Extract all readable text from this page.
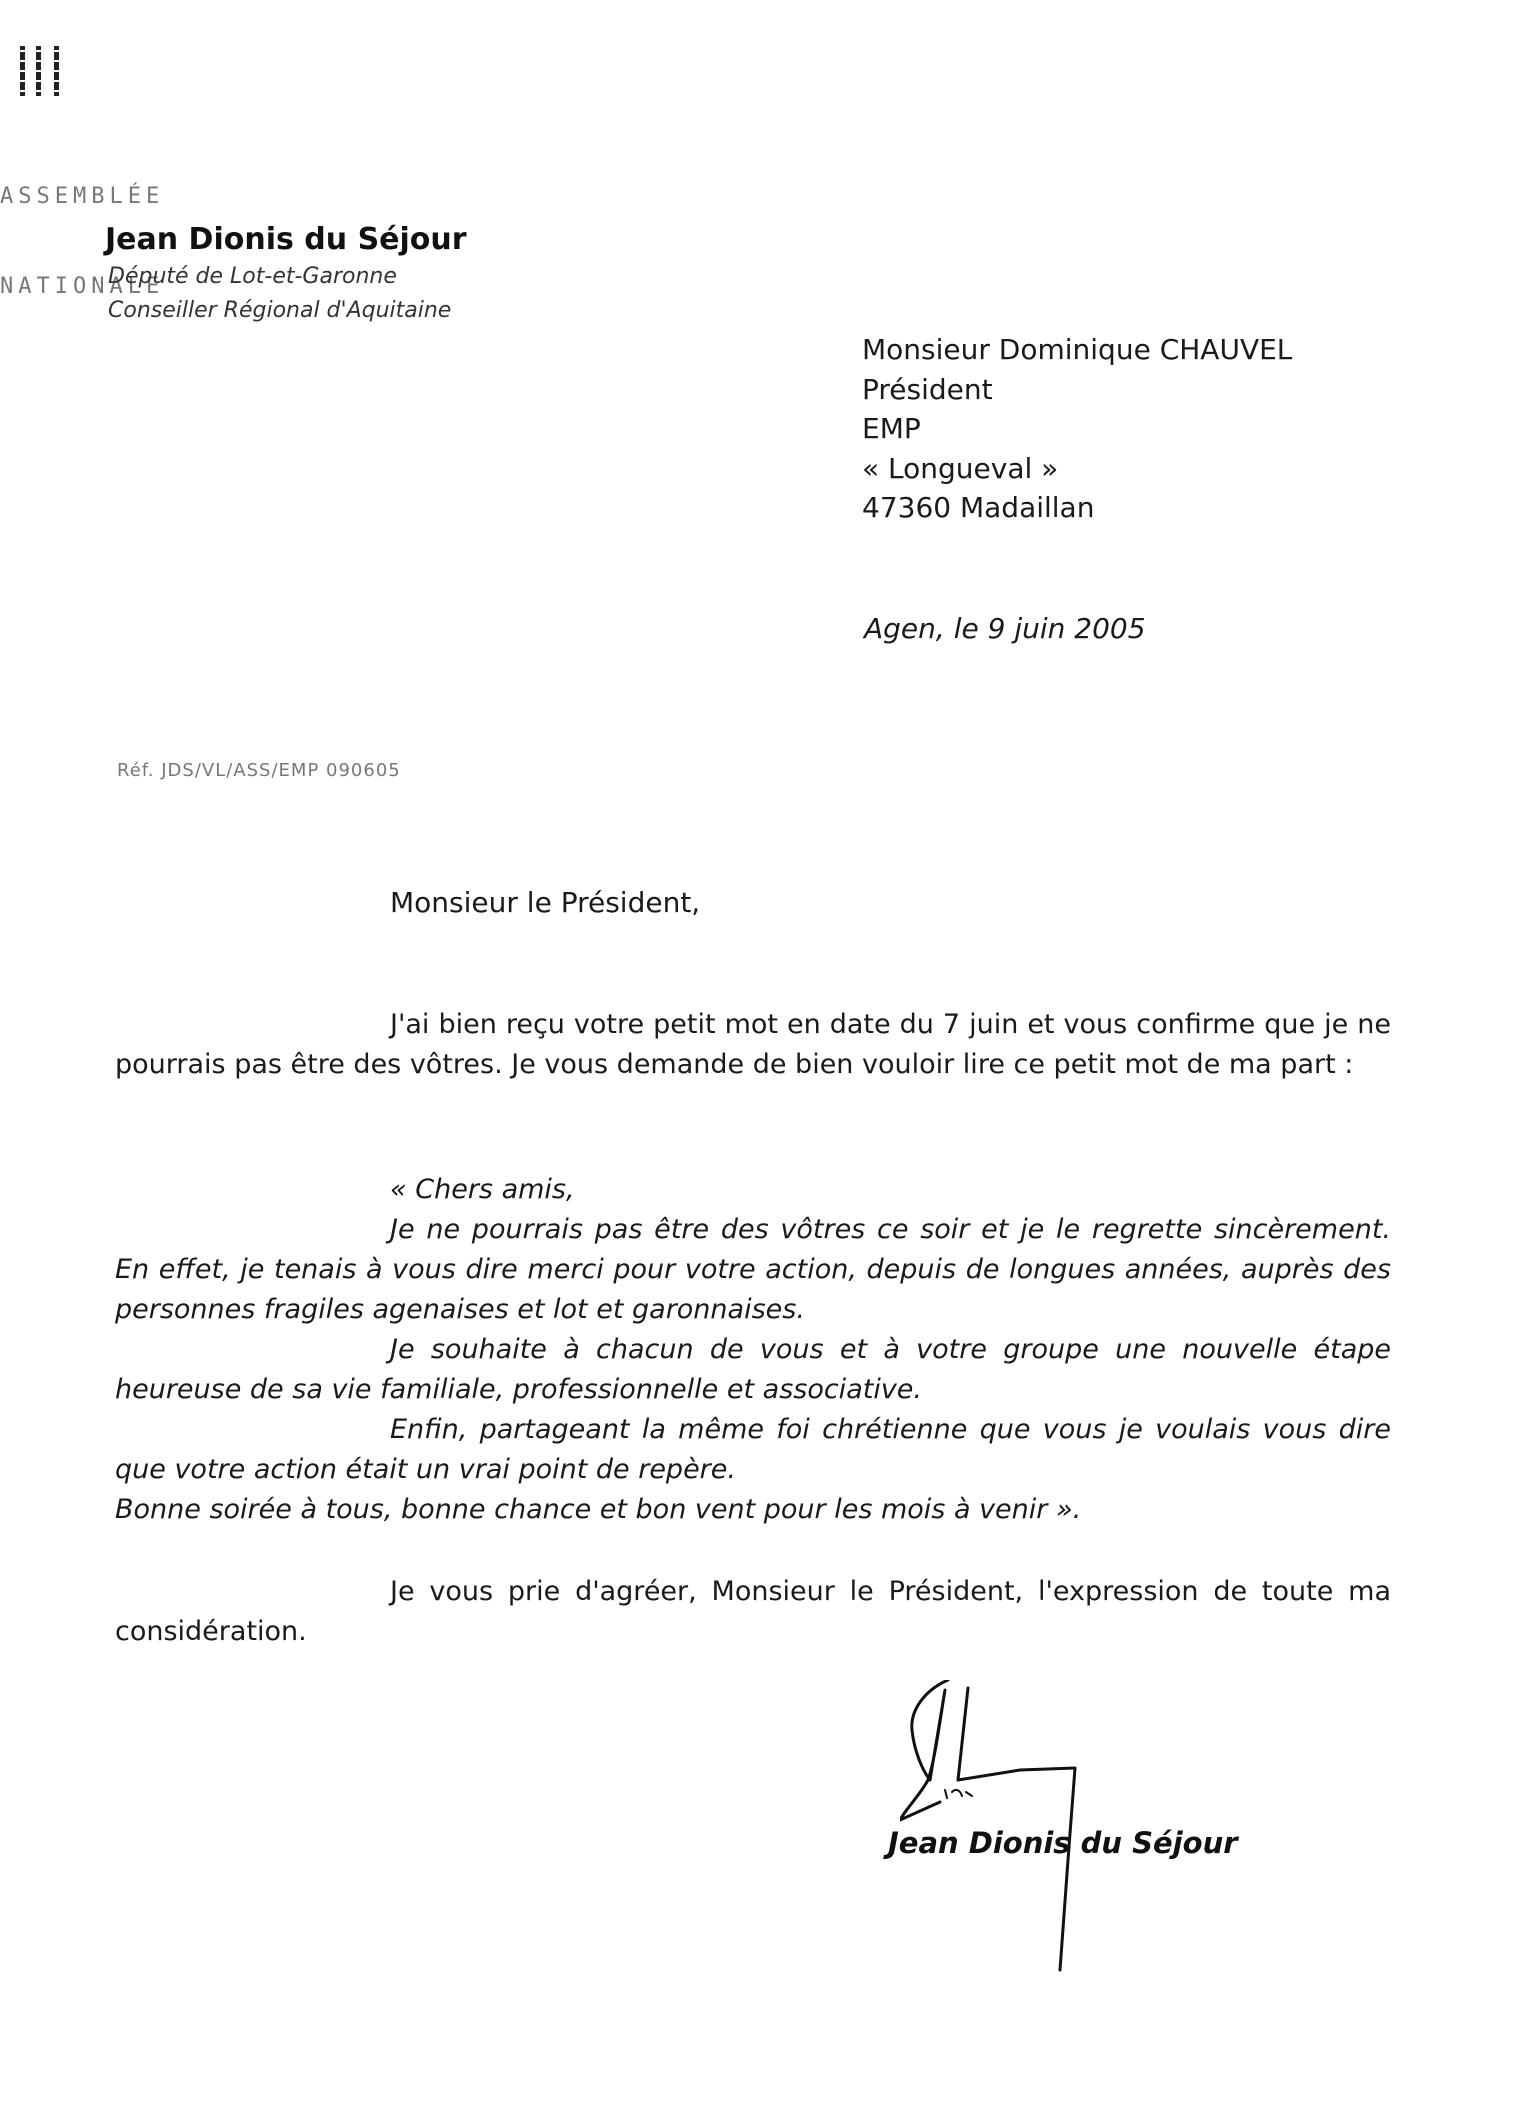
ASSEMBLÉE

NATIONALE

Jean Dionis du Séjour
Député de Lot-et-Garonne
Conseiller Régional d'Aquitaine
Monsieur Dominique CHAUVEL
Président
EMP
« Longueval »
47360 Madaillan
Agen, le 9 juin 2005
Réf. JDS/VL/ASS/EMP 090605
Monsieur le Président,

J'ai bien reçu votre petit mot en date du 7 juin et vous confirme que je ne pourrais pas être des vôtres. Je vous demande de bien vouloir lire ce petit mot de ma part :

« Chers amis,

Je ne pourrais pas être des vôtres ce soir et je le regrette sincèrement. En effet, je tenais à vous dire merci pour votre action, depuis de longues années, auprès des personnes fragiles agenaises et lot et garonnaises.

Je souhaite à chacun de vous et à votre groupe une nouvelle étape heureuse de sa vie familiale, professionnelle et associative.

Enfin, partageant la même foi chrétienne que vous je voulais vous dire que votre action était un vrai point de repère.

Bonne soirée à tous, bonne chance et bon vent pour les mois à venir ».

Je vous prie d'agréer, Monsieur le Président, l'expression de toute ma considération.

Jean Dionis du Séjour
